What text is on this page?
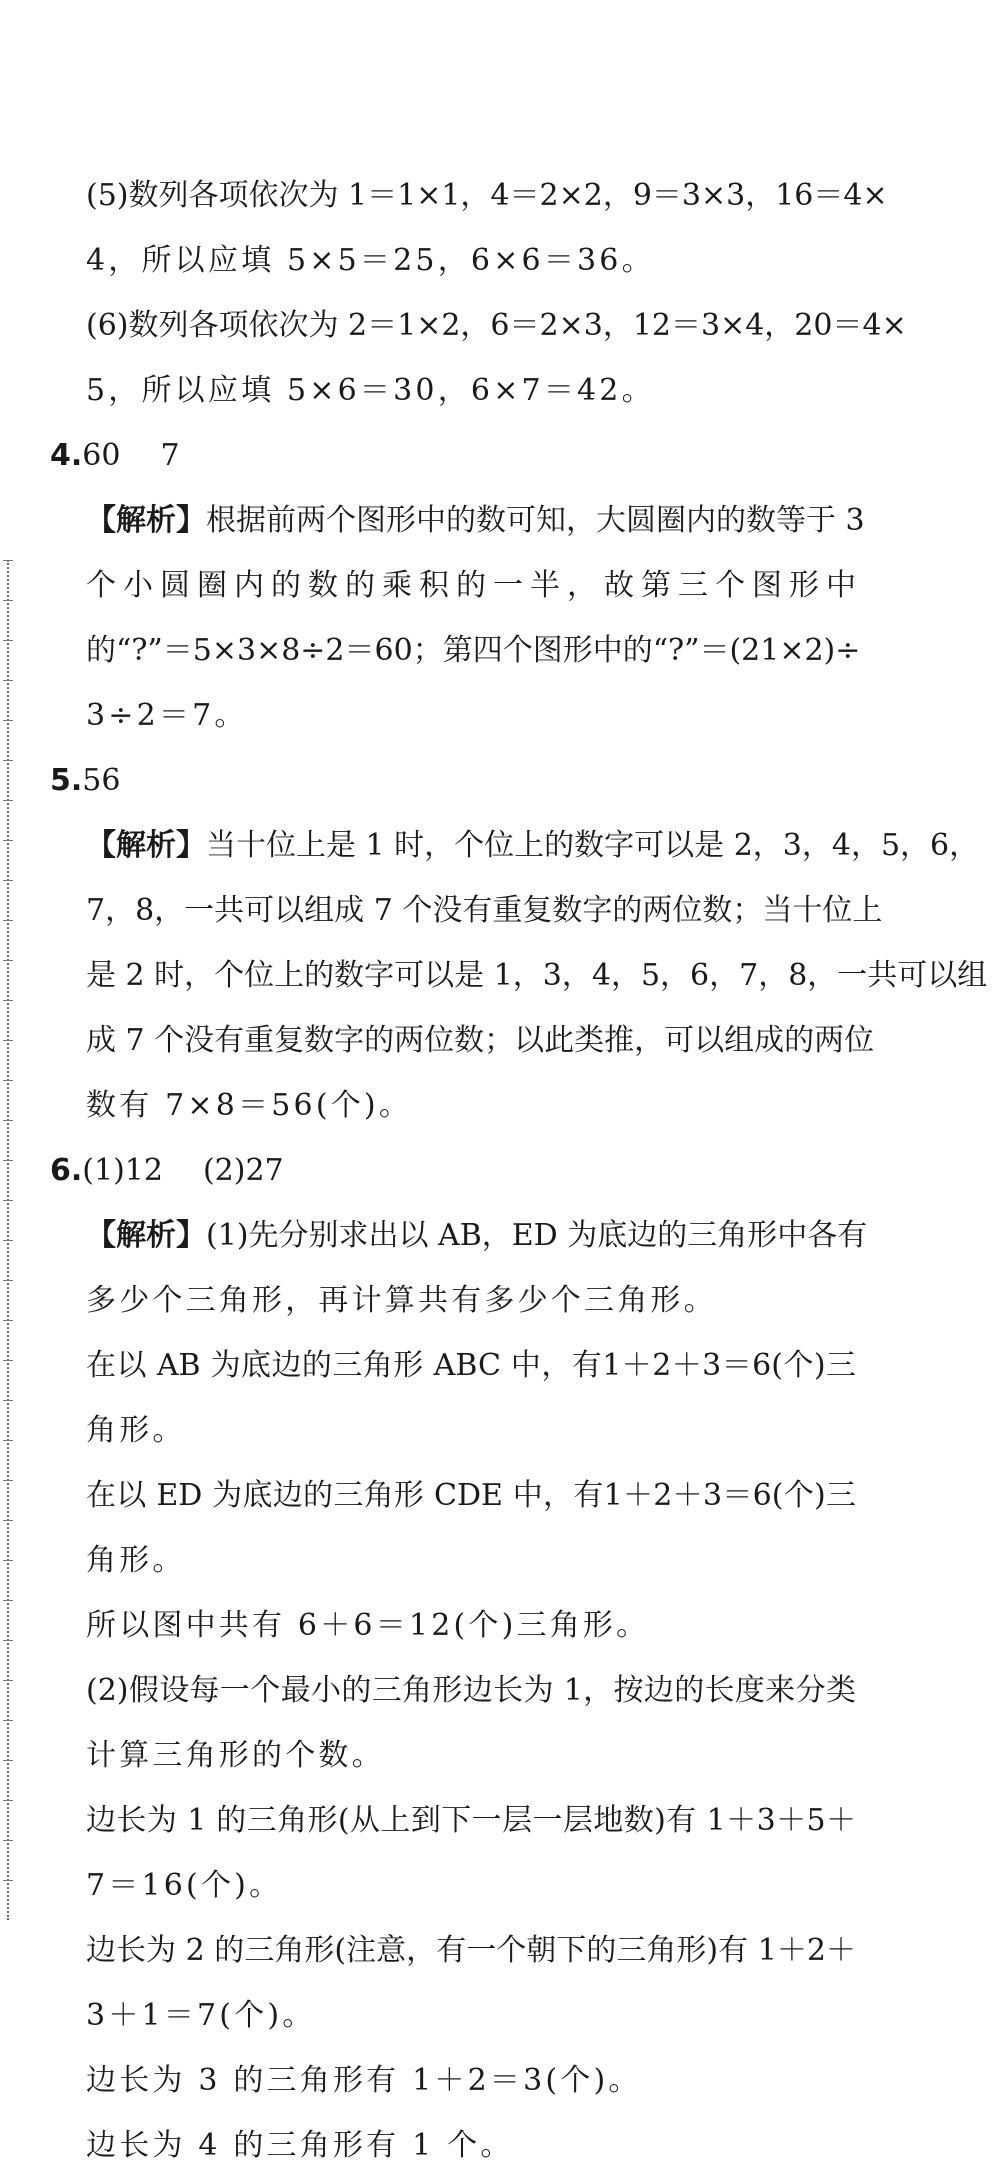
(5)数列各项依次为 1＝1×1，4＝2×2，9＝3×3，16＝4×
4，所以应填 5×5＝25，6×6＝36。
(6)数列各项依次为 2＝1×2，6＝2×3，12＝3×4，20＝4×
5，所以应填 5×6＝30，6×7＝42。
4.60 7
【解析】根据前两个图形中的数可知，大圆圈内的数等于 3
个小圆圈内的数的乘积的一半，故第三个图形中
的“?”＝5×3×8÷2＝60；第四个图形中的“?”＝(21×2)÷
3÷2＝7。
5.56
【解析】当十位上是 1 时，个位上的数字可以是 2，3，4，5，6，
7，8，一共可以组成 7 个没有重复数字的两位数；当十位上
是 2 时，个位上的数字可以是 1，3，4，5，6，7，8，一共可以组
成 7 个没有重复数字的两位数；以此类推，可以组成的两位
数有 7×8＝56(个)。
6.(1)12 (2)27
【解析】(1)先分别求出以 AB，ED 为底边的三角形中各有
多少个三角形，再计算共有多少个三角形。
在以 AB 为底边的三角形 ABC 中，有1＋2＋3＝6(个)三
角形。
在以 ED 为底边的三角形 CDE 中，有1＋2＋3＝6(个)三
角形。
所以图中共有 6＋6＝12(个)三角形。
(2)假设每一个最小的三角形边长为 1，按边的长度来分类
计算三角形的个数。
边长为 1 的三角形(从上到下一层一层地数)有 1＋3＋5＋
7＝16(个)。
边长为 2 的三角形(注意，有一个朝下的三角形)有 1＋2＋
3＋1＝7(个)。
边长为 3 的三角形有 1＋2＝3(个)。
边长为 4 的三角形有 1 个。
